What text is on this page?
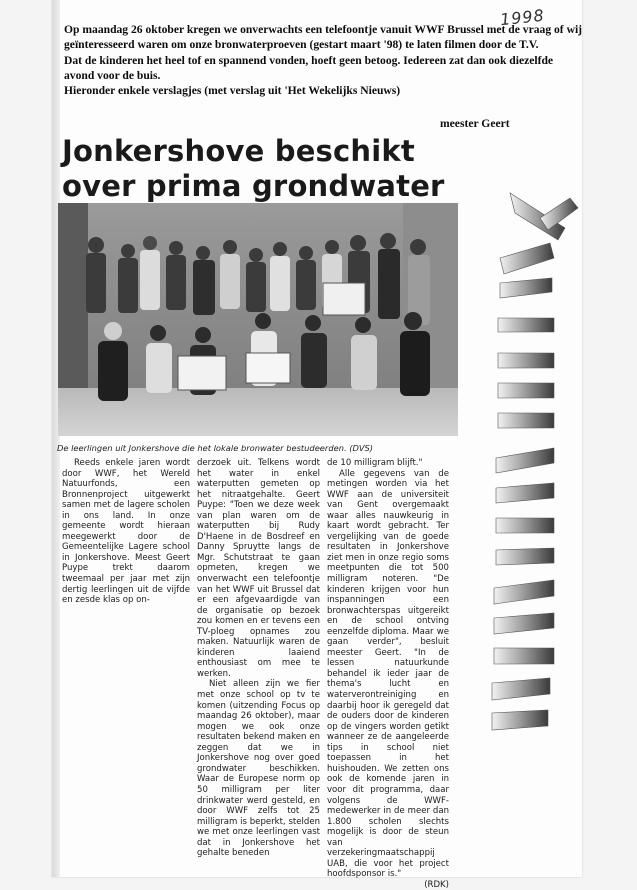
1998

Op maandag 26 oktober kregen we onverwachts een telefoontje vanuit WWF Brussel met de vraag of wij geïnteresseerd waren om onze bronwaterproeven (gestart maart '98) te laten filmen door de T.V.

Dat de kinderen het heel tof en spannend vonden, hoeft geen betoog. Iedereen zat dan ook diezelfde avond voor de buis.

Hieronder enkele verslagjes (met verslag uit 'Het Wekelijks Nieuws)

meester Geert
Jonkershove beschikt
over prima grondwater
De leerlingen uit Jonkershove die het lokale bronwater bestudeerden. (DVS)

Reeds enkele jaren wordt door WWF, het Wereld Natuurfonds, een Bronnenproject uitgewerkt samen met de lagere scholen in ons land. In onze gemeente wordt hieraan meegewerkt door de Gemeentelijke Lagere school in Jonkershove. Meest Geert Puype trekt daarom tweemaal per jaar met zijn dertig leerlingen uit de vijfde en zesde klas op on-

derzoek uit. Telkens wordt het water in enkel waterputten gemeten op het nitraatgehalte. Geert Puype: "Toen we deze week van plan waren om de waterputten bij Rudy D'Haene in de Bosdreef en Danny Spruytte langs de Mgr. Schutstraat te gaan opmeten, kregen we onverwacht een telefoontje van het WWF uit Brussel dat er een afgevaardigde van de organisatie op bezoek zou komen en er tevens een TV-ploeg opnames zou maken. Natuurlijk waren de kinderen laaiend enthousiast om mee te werken.

Niet alleen zijn we fier met onze school op tv te komen (uitzending Focus op maandag 26 oktober), maar mogen we ook onze resultaten bekend maken en zeggen dat we in Jonkershove nog over goed grondwater beschikken. Waar de Europese norm op 50 milligram per liter drinkwater werd gesteld, en door WWF zelfs tot 25 milligram is beperkt, stelden we met onze leerlingen vast dat in Jonkershove het gehalte beneden

de 10 milligram blijft."

Alle gegevens van de metingen worden via het WWF aan de universiteit van Gent overgemaakt waar alles nauwkeurig in kaart wordt gebracht. Ter vergelijking van de goede resultaten in Jonkershove ziet men in onze regio soms meetpunten die tot 500 milligram noteren. "De kinderen krijgen voor hun inspanningen een bronwachterspas uitgereikt en de school ontving eenzelfde diploma. Maar we gaan verder", besluit meester Geert. "In de lessen natuurkunde behandel ik ieder jaar de thema's lucht en waterverontreiniging en daarbij hoor ik geregeld dat de ouders door de kinderen op de vingers worden getikt wanneer ze de aangeleerde tips in school niet toepassen in het huishouden. We zetten ons ook de komende jaren in voor dit programma, daar volgens de WWF-medewerker in de meer dan 1.800 scholen slechts mogelijk is door de steun van verzekeringmaatschappij UAB, die voor het project hoofdsponsor is."

(RDK)
